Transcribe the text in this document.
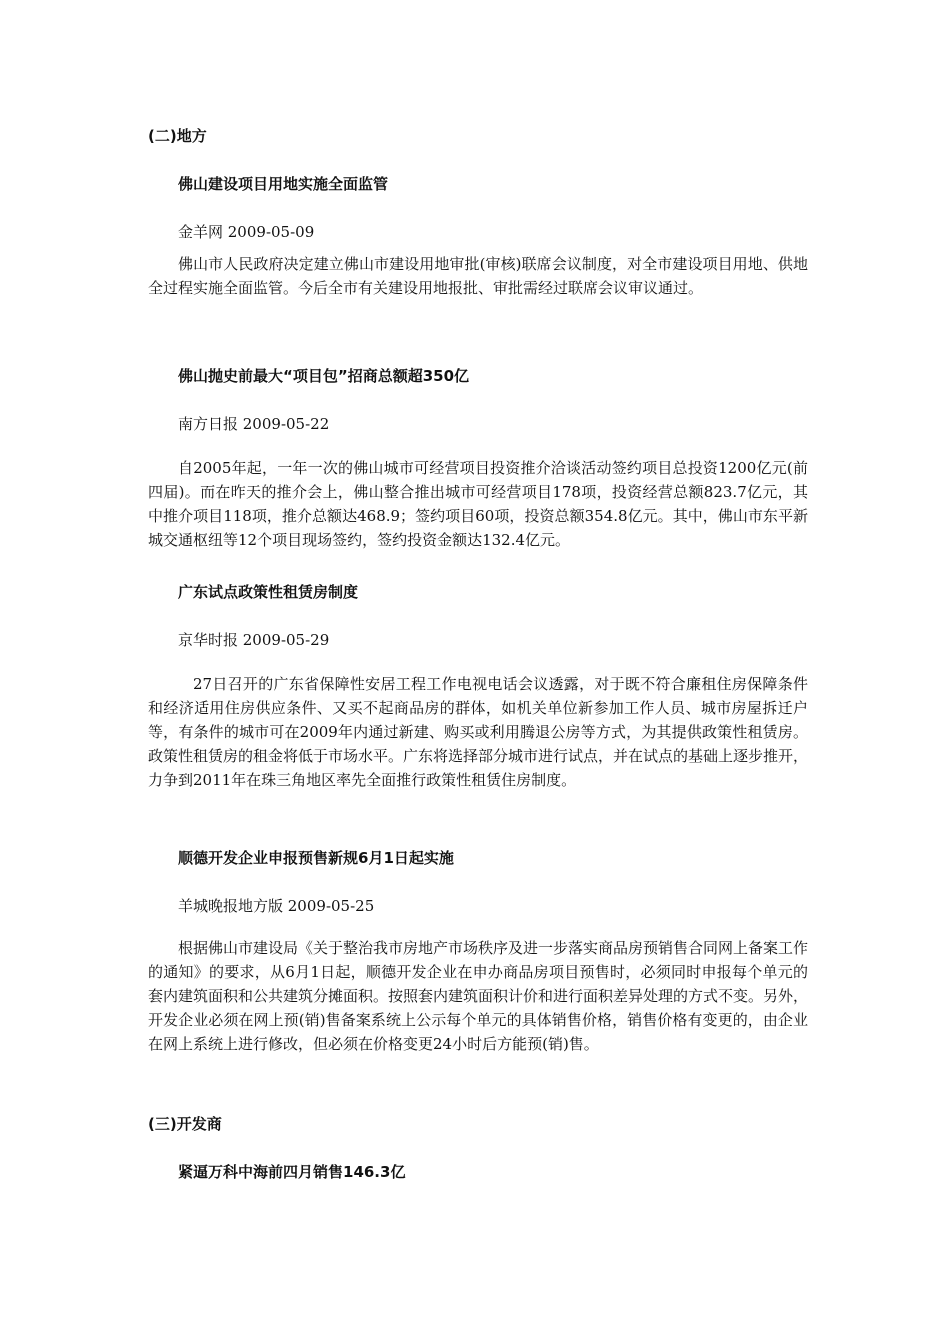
(二)地方
佛山建设项目用地实施全面监管
金羊网 2009-05-09

佛山市人民政府决定建立佛山市建设用地审批(审核)联席会议制度，对全市建设项目用地、供地全过程实施全面监管。今后全市有关建设用地报批、审批需经过联席会议审议通过。

佛山抛史前最大“项目包”招商总额超350亿
南方日报 2009-05-22

自2005年起，一年一次的佛山城市可经营项目投资推介洽谈活动签约项目总投资1200亿元(前四届)。而在昨天的推介会上，佛山整合推出城市可经营项目178项，投资经营总额823.7亿元，其中推介项目118项，推介总额达468.9；签约项目60项，投资总额354.8亿元。其中，佛山市东平新城交通枢纽等12个项目现场签约，签约投资金额达132.4亿元。

广东试点政策性租赁房制度
京华时报 2009-05-29

27日召开的广东省保障性安居工程工作电视电话会议透露，对于既不符合廉租住房保障条件和经济适用住房供应条件、又买不起商品房的群体，如机关单位新参加工作人员、城市房屋拆迁户等，有条件的城市可在2009年内通过新建、购买或利用腾退公房等方式，为其提供政策性租赁房。政策性租赁房的租金将低于市场水平。广东将选择部分城市进行试点，并在试点的基础上逐步推开，力争到2011年在珠三角地区率先全面推行政策性租赁住房制度。

顺德开发企业申报预售新规6月1日起实施
羊城晚报地方版 2009-05-25

根据佛山市建设局《关于整治我市房地产市场秩序及进一步落实商品房预销售合同网上备案工作的通知》的要求，从6月1日起，顺德开发企业在申办商品房项目预售时，必须同时申报每个单元的套内建筑面积和公共建筑分摊面积。按照套内建筑面积计价和进行面积差异处理的方式不变。另外，开发企业必须在网上预(销)售备案系统上公示每个单元的具体销售价格，销售价格有变更的，由企业在网上系统上进行修改，但必须在价格变更24小时后方能预(销)售。

(三)开发商
紧逼万科中海前四月销售146.3亿
